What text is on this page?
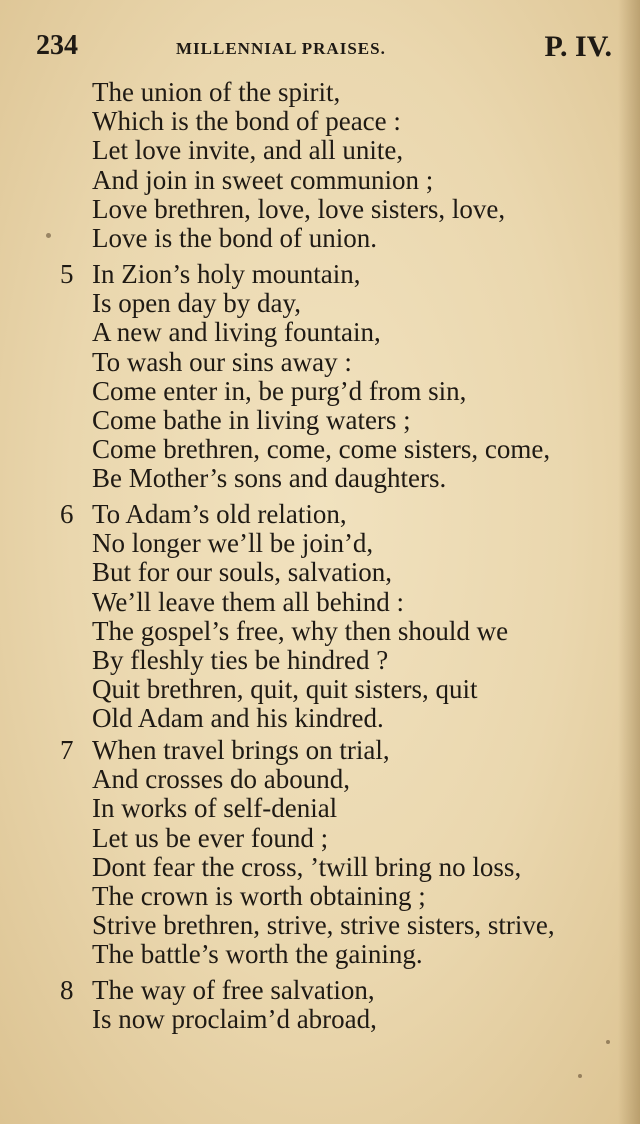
234	MILLENNIAL PRAISES.	P. IV.
The union of the spirit,
Which is the bond of peace :
Let love invite, and all unite,
And join in sweet communion ;
Love brethren, love, love sisters, love,
Love is the bond of union.
5 In Zion’s holy mountain,
Is open day by day,
A new and living fountain,
To wash our sins away :
Come enter in, be purg’d from sin,
Come bathe in living waters ;
Come brethren, come, come sisters, come,
Be Mother’s sons and daughters.
6 To Adam’s old relation,
No longer we’ll be join’d,
But for our souls, salvation,
We’ll leave them all behind :
The gospel’s free, why then should we
By fleshly ties be hindred ?
Quit brethren, quit, quit sisters, quit
Old Adam and his kindred.
7 When travel brings on trial,
And crosses do abound,
In works of self-denial
Let us be ever found ;
Dont fear the cross, ’twill bring no loss,
The crown is worth obtaining ;
Strive brethren, strive, strive sisters, strive,
The battle’s worth the gaining.
8 The way of free salvation,
Is now proclaim’d abroad,
